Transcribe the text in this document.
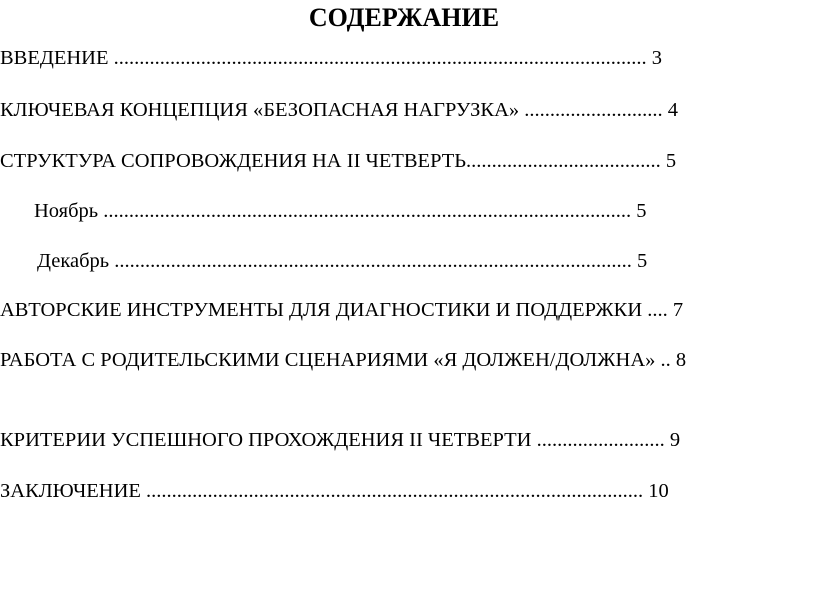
СОДЕРЖАНИЕ
ВВЕДЕНИЕ ........................................................................................................ 3
КЛЮЧЕВАЯ КОНЦЕПЦИЯ «БЕЗОПАСНАЯ НАГРУЗКА» ........................... 4
СТРУКТУРА СОПРОВОЖДЕНИЯ НА II ЧЕТВЕРТЬ...................................... 5
Ноябрь ....................................................................................................... 5
Декабрь ..................................................................................................... 5
АВТОРСКИЕ ИНСТРУМЕНТЫ ДЛЯ ДИАГНОСТИКИ И ПОДДЕРЖКИ .... 7
РАБОТА С РОДИТЕЛЬСКИМИ СЦЕНАРИЯМИ «Я ДОЛЖЕН/ДОЛЖНА» .. 8
КРИТЕРИИ УСПЕШНОГО ПРОХОЖДЕНИЯ II ЧЕТВЕРТИ ......................... 9
ЗАКЛЮЧЕНИЕ ................................................................................................. 10
